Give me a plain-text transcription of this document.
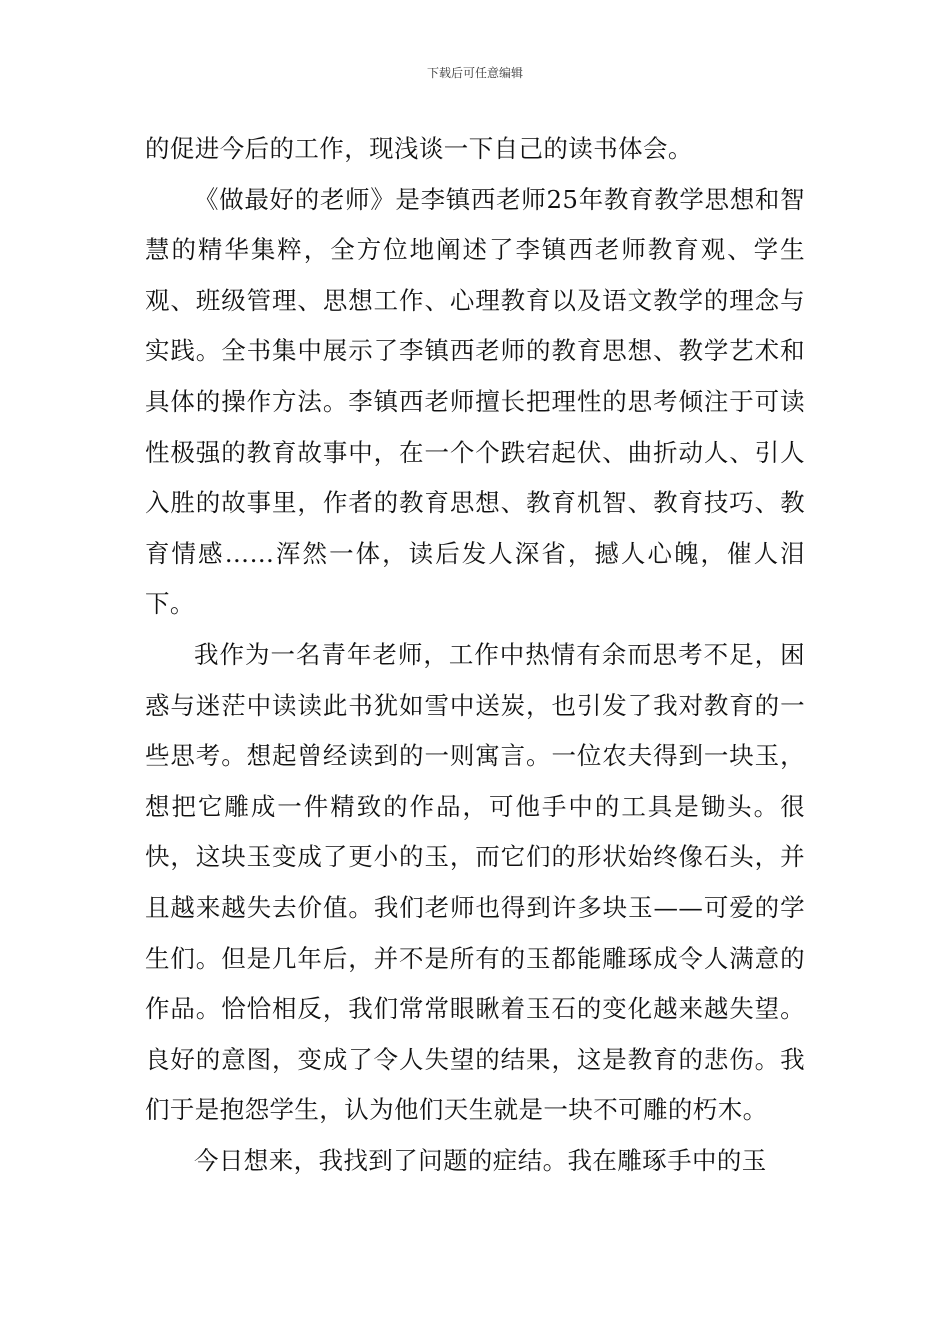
下载后可任意编辑

的促进今后的工作，现浅谈一下自己的读书体会。

《做最好的老师》是李镇西老师25年教育教学思想和智慧的精华集粹，全方位地阐述了李镇西老师教育观、学生观、班级管理、思想工作、心理教育以及语文教学的理念与实践。全书集中展示了李镇西老师的教育思想、教学艺术和具体的操作方法。李镇西老师擅长把理性的思考倾注于可读性极强的教育故事中，在一个个跌宕起伏、曲折动人、引人入胜的故事里，作者的教育思想、教育机智、教育技巧、教育情感……浑然一体，读后发人深省，撼人心魄，催人泪下。

我作为一名青年老师，工作中热情有余而思考不足，困惑与迷茫中读读此书犹如雪中送炭，也引发了我对教育的一些思考。想起曾经读到的一则寓言。一位农夫得到一块玉，想把它雕成一件精致的作品，可他手中的工具是锄头。很快，这块玉变成了更小的玉，而它们的形状始终像石头，并且越来越失去价值。我们老师也得到许多块玉——可爱的学生们。但是几年后，并不是所有的玉都能雕琢成令人满意的作品。恰恰相反，我们常常眼瞅着玉石的变化越来越失望。良好的意图，变成了令人失望的结果，这是教育的悲伤。我们于是抱怨学生，认为他们天生就是一块不可雕的朽木。

今日想来，我找到了问题的症结。我在雕琢手中的玉
